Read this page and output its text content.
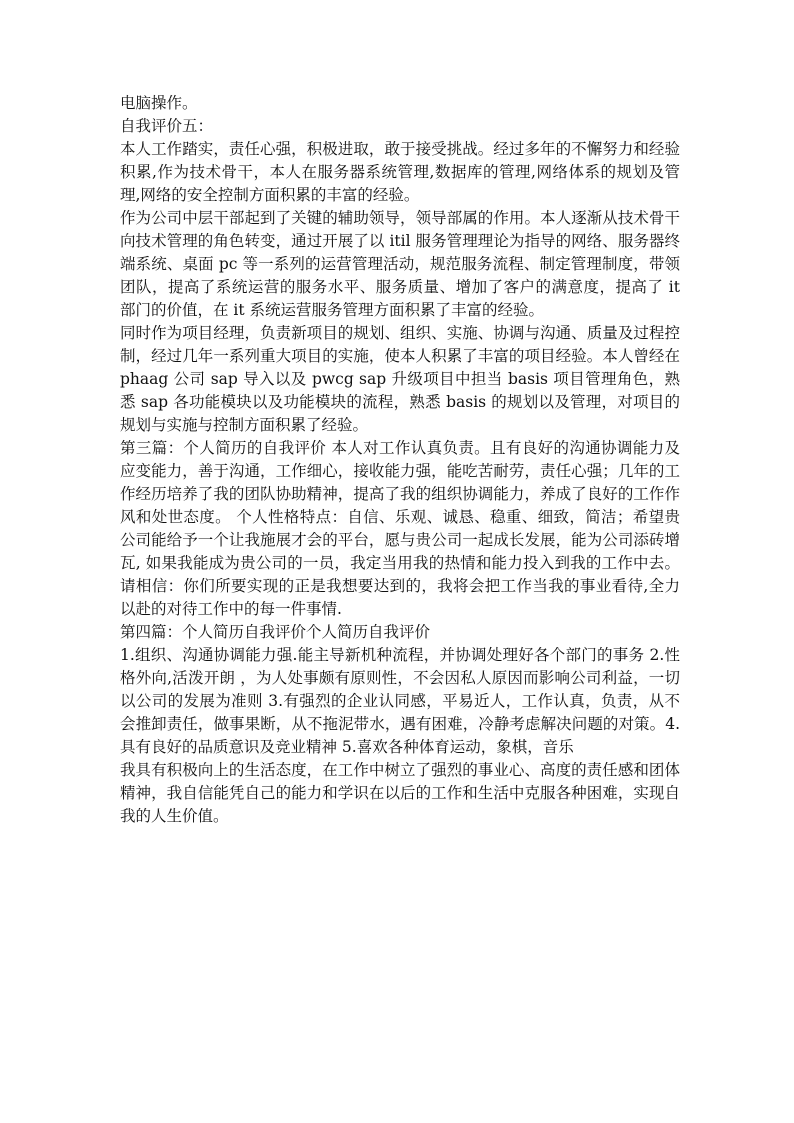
电脑操作。

自我评价五：

本人工作踏实，责任心强，积极进取，敢于接受挑战。经过多年的不懈努力和经验积累,作为技术骨干，本人在服务器系统管理,数据库的管理,网络体系的规划及管理,网络的安全控制方面积累的丰富的经验。

作为公司中层干部起到了关键的辅助领导，领导部属的作用。本人逐渐从技术骨干向技术管理的角色转变，通过开展了以 itil 服务管理理论为指导的网络、服务器终端系统、桌面 pc 等一系列的运营管理活动，规范服务流程、制定管理制度，带领团队，提高了系统运营的服务水平、服务质量、增加了客户的满意度，提高了 it 部门的价值，在 it 系统运营服务管理方面积累了丰富的经验。

同时作为项目经理，负责新项目的规划、组织、实施、协调与沟通、质量及过程控制，经过几年一系列重大项目的实施，使本人积累了丰富的项目经验。本人曾经在 phaag 公司 sap 导入以及 pwcg sap 升级项目中担当 basis 项目管理角色，熟悉 sap 各功能模块以及功能模块的流程，熟悉 basis 的规划以及管理，对项目的规划与实施与控制方面积累了经验。

第三篇：个人简历的自我评价 本人对工作认真负责。且有良好的沟通协调能力及应变能力，善于沟通，工作细心，接收能力强，能吃苦耐劳，责任心强；几年的工作经历培养了我的团队协助精神，提高了我的组织协调能力，养成了良好的工作作风和处世态度。 个人性格特点：自信、乐观、诚恳、稳重、细致，简洁；希望贵公司能给予一个让我施展才会的平台，愿与贵公司一起成长发展，能为公司添砖增瓦, 如果我能成为贵公司的一员，我定当用我的热情和能力投入到我的工作中去。请相信：你们所要实现的正是我想要达到的，我将会把工作当我的事业看待,全力以赴的对待工作中的每一件事情.

第四篇：个人简历自我评价个人简历自我评价

1.组织、沟通协调能力强.能主导新机种流程，并协调处理好各个部门的事务 2.性格外向,活泼开朗 ，为人处事颇有原则性，不会因私人原因而影响公司利益，一切以公司的发展为准则 3.有强烈的企业认同感，平易近人，工作认真，负责，从不会推卸责任，做事果断，从不拖泥带水，遇有困难，冷静考虑解决问题的对策。4.具有良好的品质意识及竞业精神 5.喜欢各种体育运动，象棋，音乐

我具有积极向上的生活态度，在工作中树立了强烈的事业心、高度的责任感和团体精神，我自信能凭自己的能力和学识在以后的工作和生活中克服各种困难，实现自我的人生价值。
